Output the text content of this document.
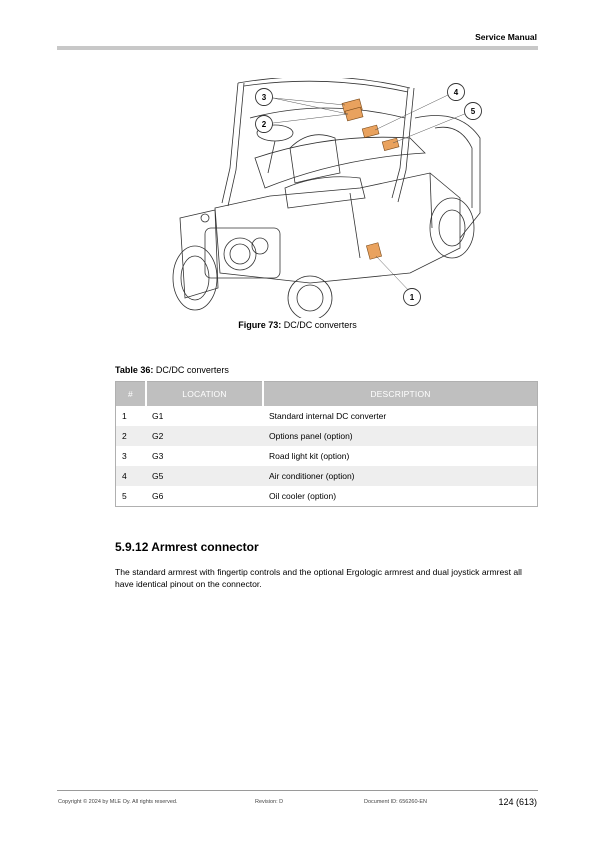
Service Manual
3
2
4
5
1
Figure 73: DC/DC converters
Table 36: DC/DC converters
#	LOCATION	DESCRIPTION
1	G1	Standard internal DC converter
2	G2	Options panel (option)
3	G3	Road light kit (option)
4	G5	Air conditioner (option)
5	G6	Oil cooler (option)
5.9.12 Armrest connector
The standard armrest with fingertip controls and the optional Ergologic armrest and dual joystick armrest all have identical pinout on the connector.
Copyright © 2024 by MLE Oy. All rights reserved.	Revision: D	Document ID: 656260-EN	124 (613)
